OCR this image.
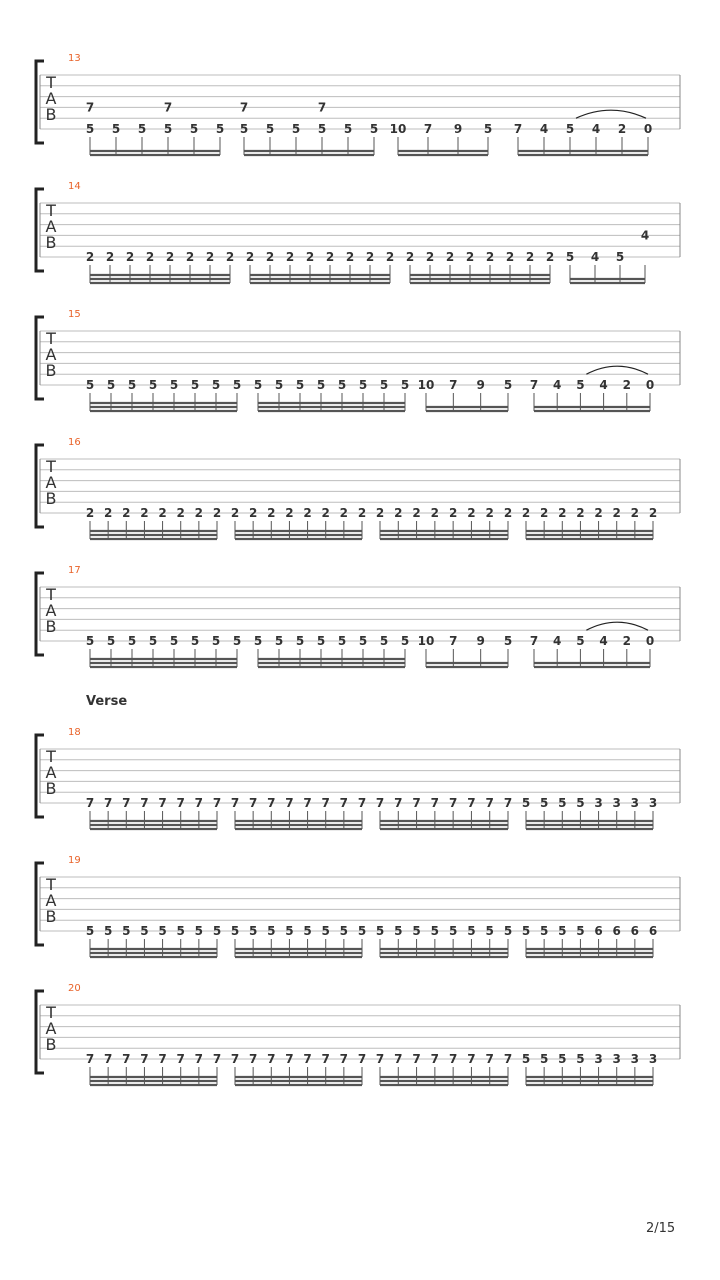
T
A
B
13
5
7
5 5 5
7
5 5 5
7
5 5 5
7
5 5 10 7 9 5 7 4 5 4 2 0
T
A
B
14
2 2 2 2 2 2 2 2 2 2 2 2 2 2 2 2 2 2 2 2 2 2 2 2 5 4 5
4
T
A
B
15
5 5 5 5 5 5 5 5 5 5 5 5 5 5 5 5 10 7 9 5 7 4 5 4 2 0
T
A
B
16
2 2 2 2 2 2 2 2 2 2 2 2 2 2 2 2 2 2 2 2 2 2 2 2 2 2 2 2 2 2 2 2
T
A
B
17
5 5 5 5 5 5 5 5 5 5 5 5 5 5 5 5 10 7 9 5 7 4 5 4 2 0
T
A
B
18
7 7 7 7 7 7 7 7 7 7 7 7 7 7 7 7 7 7 7 7 7 7 7 7 5 5 5 5 3 3 3 3
T
A
B
19
5 5 5 5 5 5 5 5 5 5 5 5 5 5 5 5 5 5 5 5 5 5 5 5 5 5 5 5 6 6 6 6
T
A
B
20
7 7 7 7 7 7 7 7 7 7 7 7 7 7 7 7 7 7 7 7 7 7 7 7 5 5 5 5 3 3 3 3
Verse
2/15
